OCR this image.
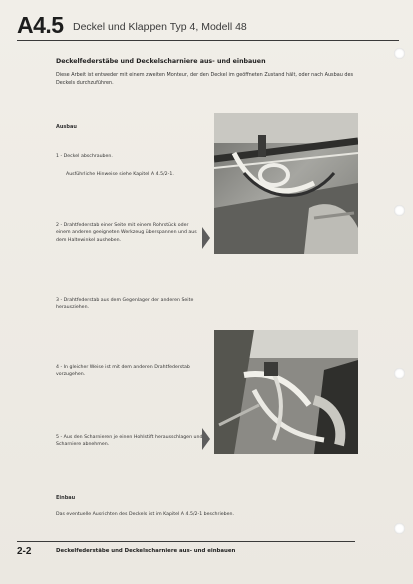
A4.5 Deckel und Klappen Typ 4, Modell 48
Deckelfederstäbe und Deckelscharniere aus- und einbauen
Diese Arbeit ist entweder mit einem zweiten Monteur, der den Deckel im geöffneten Zustand hält, oder nach Ausbau des Deckels durchzuführen.
Ausbau
1 - Deckel abschrauben.
Ausführliche Hinweise siehe Kapitel A 4.5/2-1.
2 - Drahtfederstab einer Seite mit einem Rohrstück oder einem anderen geeigneten Werkzeug überspannen und aus dem Haltewinkel ausheben.
3 - Drahtfederstab aus dem Gegenlager der anderen Seite herausziehen.
4 - In gleicher Weise ist mit dem anderen Drahtfederstab vorzugehen.
5 - Aus den Scharnieren je einen Hohlstift herausschlagen und Scharniere abnehmen.
Einbau
Das eventuelle Ausrichten des Deckels ist im Kapitel A 4.5/2-1 beschrieben.
2-2	Deckelfederstäbe und Deckelscharniere aus- und einbauen
